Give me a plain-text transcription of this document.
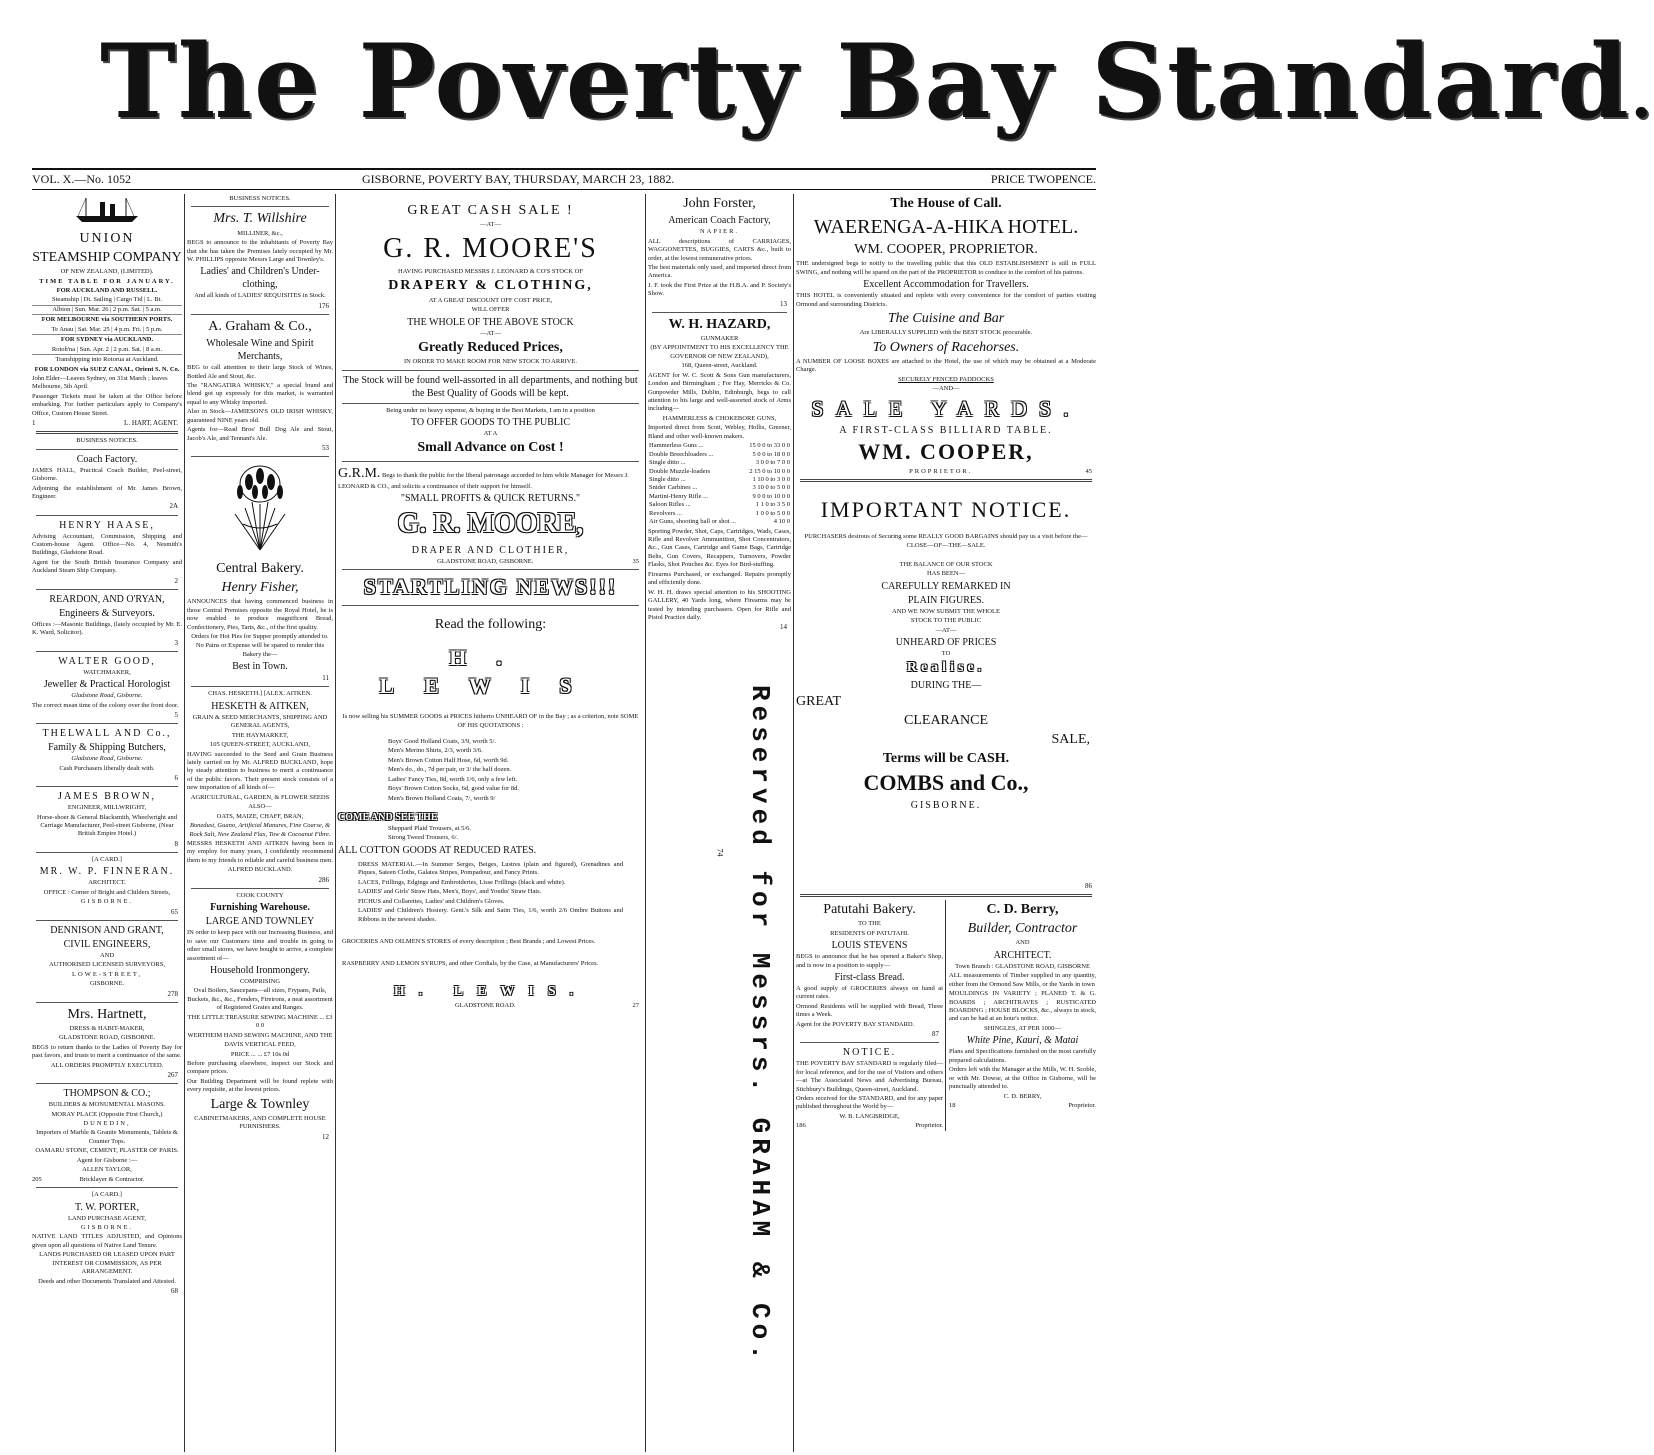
The Poverty Bay Standard.
VOL. X.—No. 1052	GISBORNE, POVERTY BAY, THURSDAY, MARCH 23, 1882.	PRICE TWOPENCE.

UNION

STEAMSHIP COMPANY

OF NEW ZEALAND, (LIMITED).

TIME TABLE FOR JANUARY.

FOR AUCKLAND AND RUSSELL.

Steamship | Dt. Sailing | Cargo Tid | L. Bt.
Albion | Sun. Mar. 26 | 2 p.m. Sat. | 5 a.m.

FOR MELBOURNE via SOUTHERN PORTS.

Te Anau | Sat. Mar. 25 | 4 p.m. Fri. | 5 p.m.

FOR SYDNEY via AUCKLAND.

Rotoh'na | Sun. Apr. 2 | 2 p.m. Sat. | 8 a.m.

Transhipping into Rotorua at Auckland.

FOR LONDON via SUEZ CANAL, Orient S. N. Co.

John Elder—Leaves Sydney, on 31st March ; leaves Melbourne, 5th April.

Passenger Tickets must be taken at the Office before embarking. For further particulars apply to Company's Office, Custom House Street.

1	L. HART, AGENT.

BUSINESS NOTICES.

Coach Factory.

JAMES HALL, Practical Coach Builder, Peel-street, Gisborne.

Adjoining the establishment of Mr. James Brown, Engineer.

2A

HENRY HAASE,

Advising Accountant, Commission, Shipping and Custom-house Agent. Office—No. 4, Nesmith's Buildings, Gladstone Road.

Agent for the South British Insurance Company and Auckland Steam Ship Company.

2

REARDON, AND O'RYAN,

Engineers & Surveyors.

Offices :—Masonic Buildings, (lately occupied by Mr. E. K. Ward, Solicitor).

3

WALTER GOOD,

WATCHMAKER,

Jeweller & Practical Horologist

Gladstone Road, Gisborne.

The correct mean time of the colony over the front door.

5

THELWALL AND Co.,

Family & Shipping Butchers,

Gladstone Road, Gisborne.

Cash Purchasers liberally dealt with.

6

JAMES BROWN,

ENGINEER, MILLWRIGHT,

Horse-shoer & General Blacksmith, Wheelwright and Carriage Manufacturer, Peel-street Gisborne, (Near British Empire Hotel.)

8

[A CARD.]

MR. W. P. FINNERAN.

ARCHITECT.

OFFICE : Corner of Bright and Childers Streets,

GISBORNE.

65

DENNISON AND GRANT,

CIVIL ENGINEERS,

AND

AUTHORISED LICENSED SURVEYORS,

LOWE-STREET,

GISBORNE.

278

Mrs. Hartnett,

DRESS & HABIT-MAKER,

GLADSTONE ROAD, GISBORNE.

BEGS to return thanks to the Ladies of Poverty Bay for past favors, and trusts to merit a continuance of the same.

ALL ORDERS PROMPTLY EXECUTED.

267

THOMPSON & CO.;

BUILDERS & MONUMENTAL MASONS.

MORAY PLACE (Opposite First Church,)

DUNEDIN,

Importers of Marble & Granite Monuments, Tablets & Counter Tops.

OAMARU STONE, CEMENT, PLASTER OF PARIS.

Agent for Gisborne :—

ALLEN TAYLOR,

205	Bricklayer & Contractor.

[A CARD.]

T. W. PORTER,

LAND PURCHASE AGENT,

GISBORNE.

NATIVE LAND TITLES ADJUSTED, and Opinions given upon all questions of Native Land Tenure.

LANDS PURCHASED OR LEASED UPON PART INTEREST OR COMMISSION, AS PER ARRANGEMENT.

Deeds and other Documents Translated and Attested.

68

BUSINESS NOTICES.

Mrs. T. Willshire

MILLINER, &c.,

BEGS to announce to the inhabitants of Poverty Bay that she has taken the Premises lately occupied by Mr. W. PHILLIPS opposite Messrs Large and Townley's.

Ladies' and Children's Under-clothing,

And all kinds of LADIES' REQUISITES in Stock.

176

A. Graham & Co.,

Wholesale Wine and Spirit Merchants,

BEG to call attention to their large Stock of Wines, Bottled Ale and Stout, &c.

The "RANGATIRA WHISKY," a special brand and blend got up expressly for this market, is warranted equal to any Whisky imported.

Also in Stock—JAMIESON'S OLD IRISH WHISKY, guaranteed NINE years old.

Agents for—Read Bros' Bull Dog Ale and Stout, Jacob's Ale, and Tennant's Ale.

53

Central Bakery.

Henry Fisher,

ANNOUNCES that having commenced business in those Central Premises opposite the Royal Hotel, he is now enabled to produce magnificent Bread, Confectionery, Pies, Tarts, &c., of the first quality.

Orders for Hot Pies for Supper promptly attended to.

No Pains or Expense will be spared to render this Bakery the—

Best in Town.

11

CHAS. HESKETH.] [ALEX. AITKEN.

HESKETH & AITKEN,

GRAIN & SEED MERCHANTS, SHIPPING AND GENERAL AGENTS,

THE HAYMARKET,

105 QUEEN-STREET, AUCKLAND,

HAVING succeeded to the Seed and Grain Business lately carried on by Mr. ALFRED BUCKLAND, hope by steady attention to business to merit a continuance of the public favors. Their present stock consists of a new importation of all kinds of—

AGRICULTURAL, GARDEN, & FLOWER SEEDS

ALSO—

OATS, MAIZE, CHAFF, BRAN,

Bonedust, Guano, Artificial Manures, Fine Coarse, & Rock Salt, New Zealand Flax, Tow & Cocoanut Fibre.

MESSRS HESKETH AND AITKEN having been in my employ for many years, I confidently recommend them to my friends to reliable and careful business men.

ALFRED BUCKLAND.

286

COOK COUNTY

Furnishing Warehouse.

LARGE AND TOWNLEY

IN order to keep pace with our Increasing Business, and to save our Customers time and trouble in going to other small stores, we have bought to arrive, a complete assortment of—

Household Ironmongery.

COMPRISING

Oval Boilers, Saucepans—all sizes, Frypans, Pails, Buckets, &c., &c., Fenders, Fireirons, a neat assortment of Registered Grates and Ranges.

THE LITTLE TREASURE SEWING MACHINE ... £3 0 0

WERTHEIM HAND SEWING MACHINE, AND THE

DAVIS VERTICAL FEED,

PRICE ... ... £7 10s 0d

Before purchasing elsewhere, inspect our Stock and compare prices.

Our Building Department will be found replete with every requisite, at the lowest prices.

Large & Townley

CABINETMAKERS, AND COMPLETE HOUSE FURNISHERS.

12

GREAT CASH SALE !

—AT—

G. R. MOORE'S

HAVING PURCHASED MESSRS J. LEONARD & CO'S STOCK OF

DRAPERY & CLOTHING,

AT A GREAT DISCOUNT OFF COST PRICE,

WILL OFFER

THE WHOLE OF THE ABOVE STOCK

—AT—

Greatly Reduced Prices,

IN ORDER TO MAKE ROOM FOR NEW STOCK TO ARRIVE.

The Stock will be found well-assorted in all departments, and nothing but the Best Quality of Goods will be kept.

Being under no heavy expense, & buying in the Best Markets, I am in a position

TO OFFER GOODS TO THE PUBLIC

AT A

Small Advance on Cost !

G.R.M. Begs to thank the public for the liberal patronage accorded to him while Manager for Messrs J. LEONARD & CO., and solicits a continuance of their support for himself.

"SMALL PROFITS & QUICK RETURNS."

G. R. MOORE,

DRAPER AND CLOTHIER,

GLADSTONE ROAD, GISBORNE.	35

STARTLING NEWS!!!

Read the following:

H. LEWIS

Is now selling his SUMMER GOODS at PRICES hitherto UNHEARD OF in the Bay ; as a criterion, note SOME OF HIS QUOTATIONS :

Boys' Good Holland Coats, 3/9, worth 5/.

Men's Merino Shirts, 2/3, worth 3/6.

Men's Brown Cotton Half Hose, 6d, worth 9d.

Men's do., do., 7d per pair, or 3/ the half dozen.

Ladies' Fancy Ties, 8d, worth 1/6, only a few left.

Boys' Brown Cotton Socks, 6d, good value for 8d.

Men's Brown Holland Coats, 7/, worth 9/

COME AND SEE THE

Sheppard Plaid Trousers, at 5/6.

Strong Tweed Trousers, 6/.

ALL COTTON GOODS AT REDUCED RATES.

DRESS MATERIAL.—In Summer Serges, Beiges, Lustres (plain and figured), Grenadines and Piques, Sateen Cloths, Galatea Stripes, Pompadour, and Fancy Prints.

LACES, Frillings, Edgings and Embroideries, Lisse Frillings (black and white).

LADIES' and Girls' Straw Hats, Men's, Boys', and Youths' Straw Hats.

FICHUS and Collarettes, Ladies' and Children's Gloves.

LADIES' and Children's Hosiery. Gent.'s Silk and Satin Ties, 1/6, worth 2/6 Ombre Buttons and Ribbons in the newest shades.

GROCERIES AND OILMEN'S STORES of every description ; Best Brands ; and Lowest Prices.

RASPBERRY AND LEMON SYRUPS, and other Cordials, by the Case, at Manufacturers' Prices.

H. LEWIS.

GLADSTONE ROAD.	27

John Forster,

American Coach Factory,

NAPIER.

ALL descriptions of CARRIAGES, WAGGONETTES, BUGGIES, CARTS &c., built to order, at the lowest remunerative prices.

The best materials only used, and imported direct from America.

J. F. took the First Prize at the H.B.A. and P. Society's Show.

13

W. H. HAZARD,

GUNMAKER

(BY APPOINTMENT TO HIS EXCELLENCY THE GOVERNOR OF NEW ZEALAND),

168, Queen-street, Auckland.

AGENT for W. C. Scott & Sons Gun manufacturers, London and Birmingham ; For Hay, Merricks & Co. Gunpowder Mills, Dublin, Edinburgh, begs to call attention to his large and well-assorted stock of Arms including—

HAMMERLESS & CHOKEBORE GUNS,

Imported direct from Scott, Webley, Hollis, Greener, Bland and other well-known makers.

Hammerless Guns ...	15 0 0 to 33 0 0
Double Breechloaders ...	5 0 0 to 18 0 0
Single ditto ...	3 0 0 to 7 0 0
Double Muzzle-loaders	2 15 0 to 10 0 0
Single ditto ...	1 10 0 to 3 0 0
Snider Carbines ...	3 10 0 to 5 0 0
Martini-Henry Rifle ...	9 0 0 to 10 0 0
Saloon Rifles ...	1 1 0 to 3 5 0
Revolvers ...	1 0 0 to 5 0 0
Air Guns, shooting ball or shot ...	4 10 0

Sporting Powder, Shot, Caps, Cartridges, Wads, Cases, Rifle and Revolver Ammunition, Shot Concentrators, &c., Gun Cases, Cartridge and Game Bags, Cartridge Belts, Gun Covers, Recappers, Turnovers, Powder Flasks, Shot Pouches &c. Eyes for Bird-stuffing.

Firearms Purchased, or exchanged. Repairs promptly and efficiently done.

W. H. H. draws special attention to his SHOOTING GALLERY, 40 Yards long, where Firearms may be tested by intending purchasers. Open for Rifle and Pistol Practice daily.

14

74 Reserved for Messrs. GRAHAM & Co.

The House of Call.

WAERENGA-A-HIKA HOTEL.

WM. COOPER, PROPRIETOR.

THE undersigned begs to notify to the travelling public that this OLD ESTABLISHMENT is still in FULL SWING, and nothing will be spared on the part of the PROPRIETOR to conduce to the comfort of his patrons.

Excellent Accommodation for Travellers.

THIS HOTEL is conveniently situated and replete with every convenience for the comfort of parties visiting Ormond and surrounding Districts.

The Cuisine and Bar

Are LIBERALLY SUPPLIED with the BEST STOCK procurable.

To Owners of Racehorses.

A NUMBER OF LOOSE BOXES are attached to the Hotel, the use of which may be obtained at a Moderate Charge.

SECURELY FENCED PADDOCKS

—AND—

SALE YARDS.

A FIRST-CLASS BILLIARD TABLE.

WM. COOPER,

PROPRIETOR.	45

IMPORTANT NOTICE.

PURCHASERS desirous of Securing some REALLY GOOD BARGAINS should pay us a visit before the—

CLOSE—OF—THE—SALE.

THE BALANCE OF OUR STOCK

HAS BEEN—

CAREFULLY REMARKED IN

PLAIN FIGURES.

AND WE NOW SUBMIT THE WHOLE

STOCK TO THE PUBLIC

—AT—

UNHEARD OF PRICES

TO

Realise.

DURING THE—

GREAT

CLEARANCE

SALE,

Terms will be CASH.

COMBS and Co.,

GISBORNE.

86

Patutahi Bakery.

TO THE

RESIDENTS OF PATUTAHI.

LOUIS STEVENS

BEGS to announce that he has opened a Baker's Shop, and is now in a position to supply—

First-class Bread.

A good supply of GROCERIES always on hand at current rates.

Ormond Residents will be supplied with Bread, Three times a Week.

Agent for the POVERTY BAY STANDARD.

87

NOTICE.

THE POVERTY BAY STANDARD is regularly filed—for local reference, and for the use of Visitors and others—at The Associated News and Advertising Bureau, Stichbury's Buildings, Queen-street, Auckland.

Orders received for the STANDARD, and for any paper published throughout the World by—

W. B. LANGBRIDGE,

186	Proprietor.

C. D. Berry,

Builder, Contractor

AND

ARCHITECT.

Town Branch : GLADSTONE ROAD, GISBORNE

ALL measurements of Timber supplied in any quantity, either from the Ormond Saw Mills, or the Yards in town

MOULDINGS IN VARIETY ; PLANED T. & G. BOARDS ; ARCHITRAVES ; RUSTICATED BOARDING ; HOUSE BLOCKS, &c., always in stock, and can be had at an hour's notice.

SHINGLES, AT PER 1000—

White Pine, Kauri, & Matai

Plans and Specifications furnished on the most carefully prepared calculations.

Orders left with the Manager at the Mills, W. H. Scoble, or with Mr. Dowse, at the Office in Gisborne, will be punctually attended to.

C. D. BERRY,

18	Proprietor.
